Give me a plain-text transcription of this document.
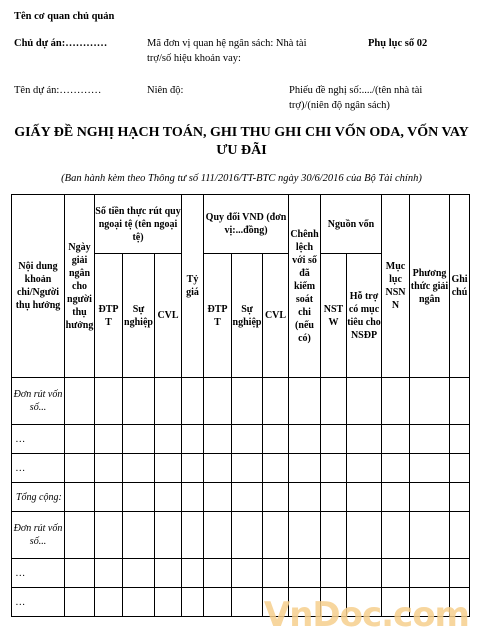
Tên cơ quan chủ quản
Chủ dự án:…………	Mã đơn vị quan hệ ngân sách: Nhà tài trợ/số hiệu khoản vay:
Phụ lục số 02
Tên dự án:…………	Niên độ:	Phiếu đề nghị số:..../(tên nhà tài trợ)/(niên độ ngân sách)
GIẤY ĐỀ NGHỊ HẠCH TOÁN, GHI THU GHI CHI VỐN ODA, VỐN VAY ƯU ĐÃI
(Ban hành kèm theo Thông tư số 111/2016/TT-BTC ngày 30/6/2016 của Bộ Tài chính)
Nội dung khoản chi/Người thụ hưởng	Ngày giải ngân cho người thụ hưởng	Số tiền thực rút quy ngoại tệ (tên ngoại tệ)			Tỷ giá	Quy đổi VND (đơn vị:...đồng)			Chênh lệch với số đã kiểm soát chi (nếu có)	Nguồn vốn		Mục lục NSN N	Phương thức giải ngân	Ghi chú
		ĐTP T	Sự nghiệp	CVL		ĐTP T	Sự nghiệp	CVL		NST W	Hỗ trợ có mục tiêu cho NSĐP			
Đơn rút vốn số...														
…														
…														
Tổng cộng:														
Đơn rút vốn số...														
…														
…															VnDoc.com
